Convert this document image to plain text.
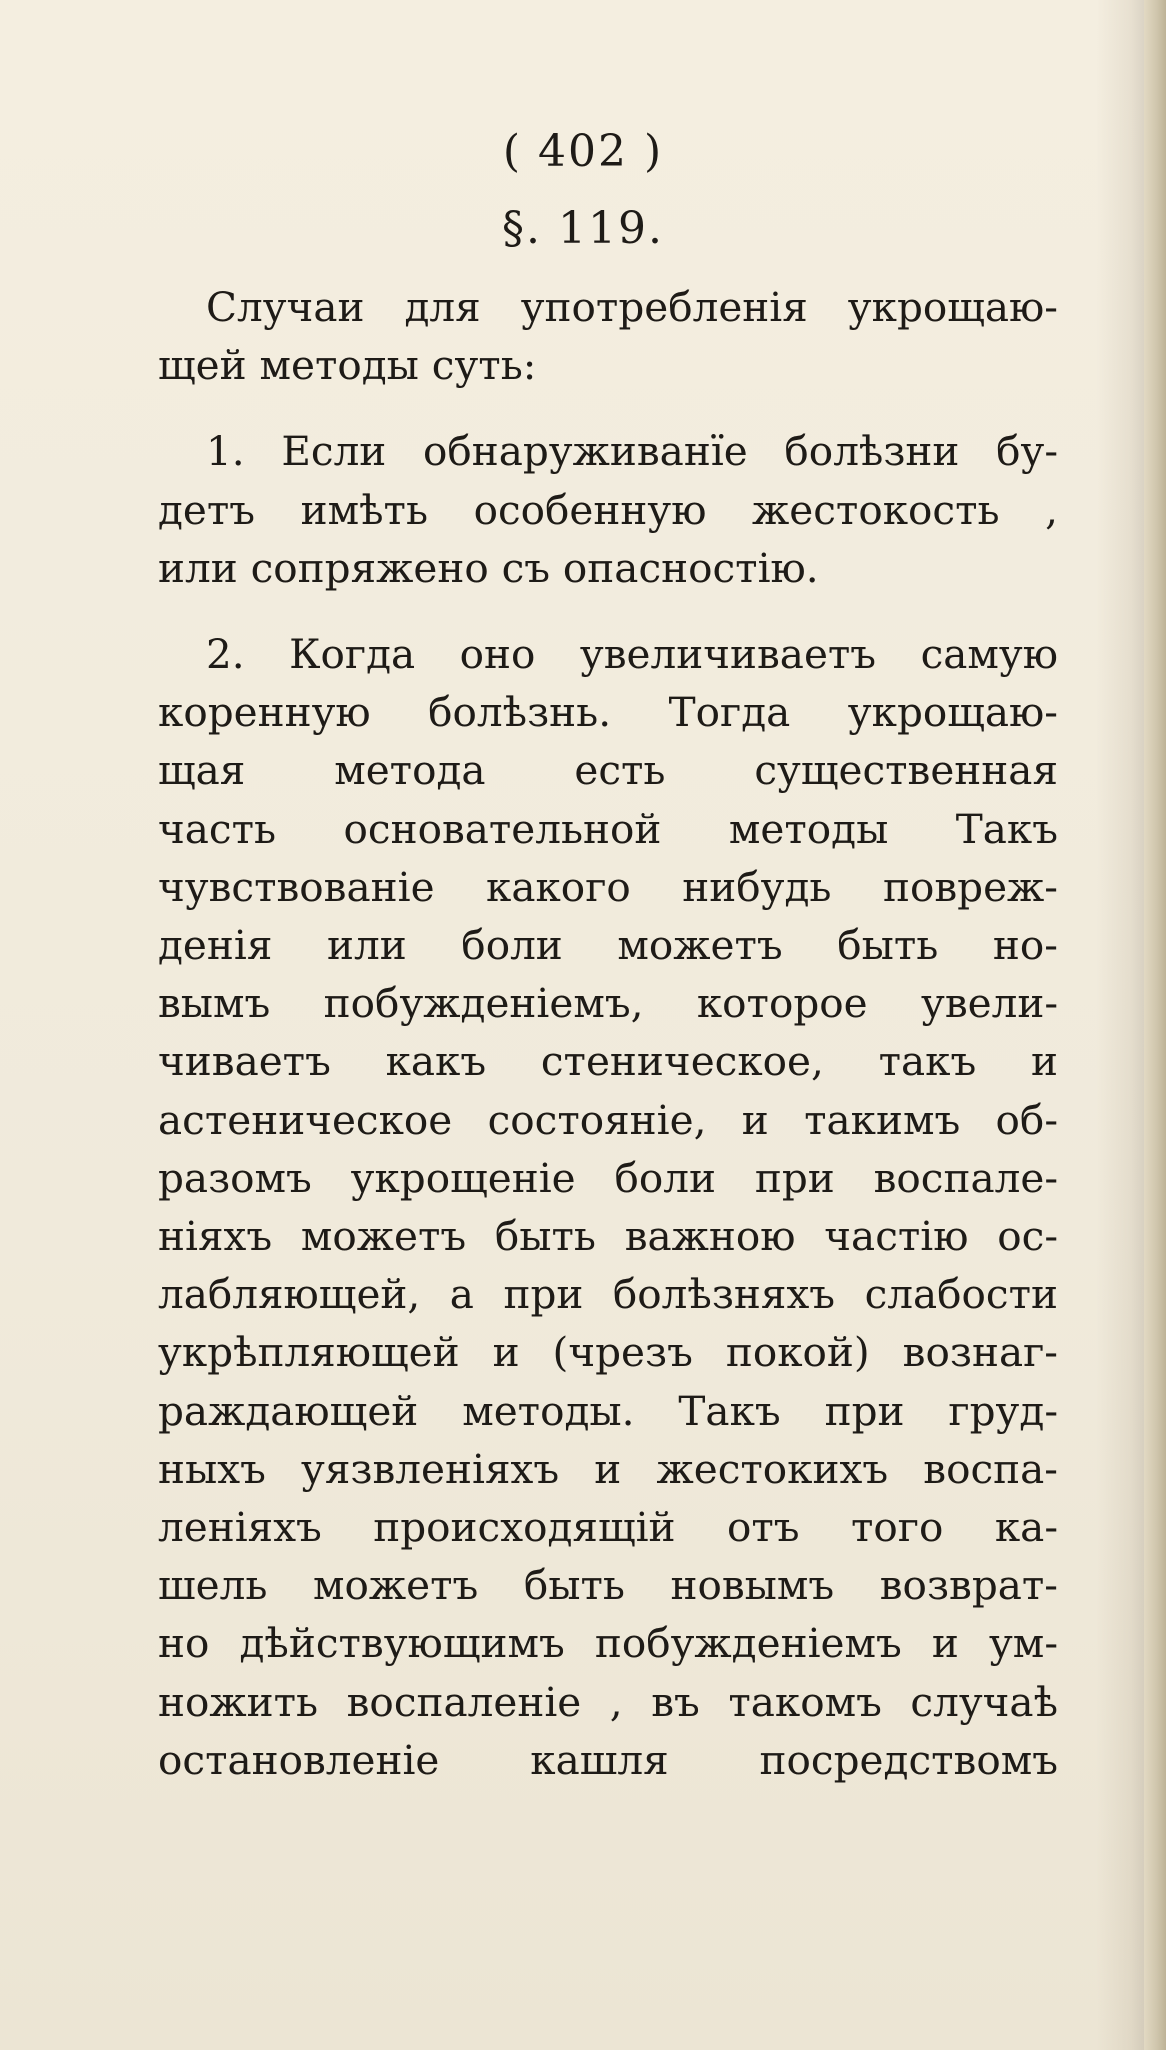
( 402 )
§. 119.
Случаи для употребленія укрощаю-
щей методы суть:
1. Если обнаруживанїе болѣзни бу-
детъ имѣть особенную жестокость ,
или сопряжено съ опасностію.
2. Когда оно увеличиваетъ самую
коренную болѣзнь. Тогда укрощаю-
щая метода есть существенная
часть основательной методы Такъ
чувствованіе какого нибудь повреж-
денія или боли можетъ быть но-
вымъ побужденіемъ, которое увели-
чиваетъ какъ стеническое, такъ и
астеническое состояніе, и такимъ об-
разомъ укрощеніе боли при воспале-
ніяхъ можетъ быть важною частію ос-
лабляющей, а при болѣзняхъ слабости
укрѣпляющей и (чрезъ покой) вознаг-
раждающей методы. Такъ при груд-
ныхъ уязвленіяхъ и жестокихъ воспа-
леніяхъ происходящій отъ того ка-
шель можетъ быть новымъ возврат-
но дѣйствующимъ побужденіемъ и ум-
ножить воспаленіе , въ такомъ случаѣ
остановленіе кашля посредствомъ
